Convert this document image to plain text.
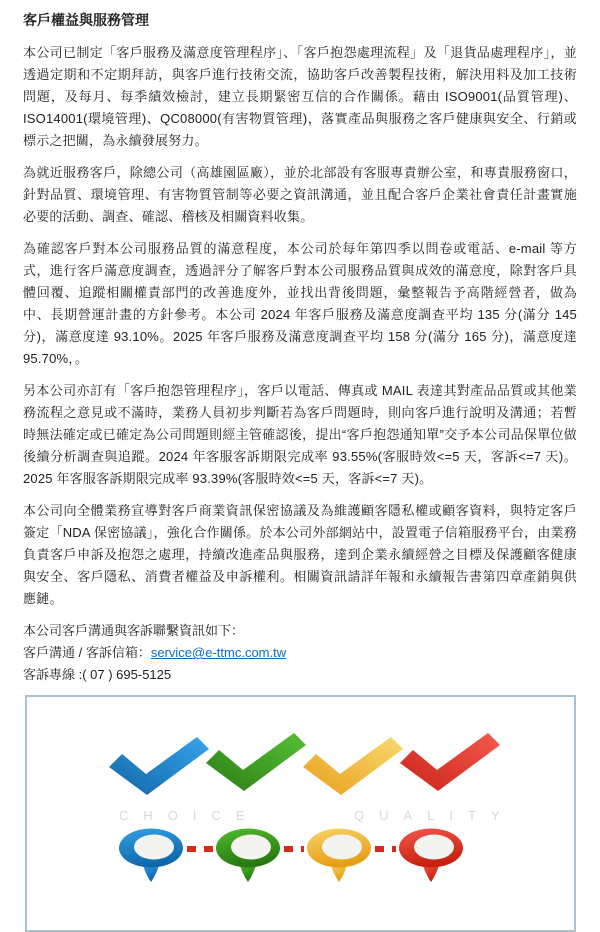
客戶權益與服務管理

本公司已制定「客戶服務及滿意度管理程序」、「客戶抱怨處理流程」及「退貨品處理程序」，並透過定期和不定期拜訪，與客戶進行技術交流，協助客戶改善製程技術，解決用料及加工技術問題，及每月、每季績效檢討，建立長期緊密互信的合作關係。藉由 ISO9001(品質管理)、ISO14001(環境管理)、QC08000(有害物質管理)，落實產品與服務之客戶健康與安全、行銷或標示之把關，為永續發展努力。

為就近服務客戶，除總公司（高雄園區廠），並於北部設有客服專責辦公室，和專責服務窗口，針對品質、環境管理、有害物質管制等必要之資訊溝通，並且配合客戶企業社會責任計畫實施必要的活動、調查、確認、稽核及相關資料收集。

為確認客戶對本公司服務品質的滿意程度，本公司於每年第四季以問卷或電話、e-mail 等方式，進行客戶滿意度調查，透過評分了解客戶對本公司服務品質與成效的滿意度，除對客戶具體回覆、追蹤相關權責部門的改善進度外，並找出背後問題，彙整報告予高階經營者，做為中、長期營運計畫的方針參考。本公司 2024 年客戶服務及滿意度調查平均 135 分(滿分 145 分)，滿意度達 93.10%。2025 年客戶服務及滿意度調查平均 158 分(滿分 165 分)，滿意度達 95.70%，。

另本公司亦訂有「客戶抱怨管理程序」，客戶以電話、傳真或 MAIL 表達其對產品品質或其他業務流程之意見或不滿時，業務人員初步判斷若為客戶問題時，則向客戶進行說明及溝通；若暫時無法確定或已確定為公司問題則經主管確認後，提出“客戶抱怨通知單”交予本公司品保單位做後續分析調查與追蹤。2024 年客服客訴期限完成率 93.55%(客服時效<=5 天，客訴<=7 天)。2025 年客服客訴期限完成率 93.39%(客服時效<=5 天，客訴<=7 天)。

本公司向全體業務宣導對客戶商業資訊保密協議及為維護顧客隱私權或顧客資料，與特定客戶簽定「NDA 保密協議」，強化合作關係。於本公司外部網站中，設置電子信箱服務平台，由業務負責客戶申訴及抱怨之處理，持續改進產品與服務，達到企業永續經營之目標及保護顧客健康與安全、客戶隱私、消費者權益及申訴權利。相關資訊請詳年報和永續報告書第四章產銷與供應鏈。

本公司客戶溝通與客訴聯繫資訊如下：
客戶溝通 / 客訴信箱：service@e-ttmc.com.tw
客訴專線 :( 07 ) 695-5125
CHOICE	QUALITY
